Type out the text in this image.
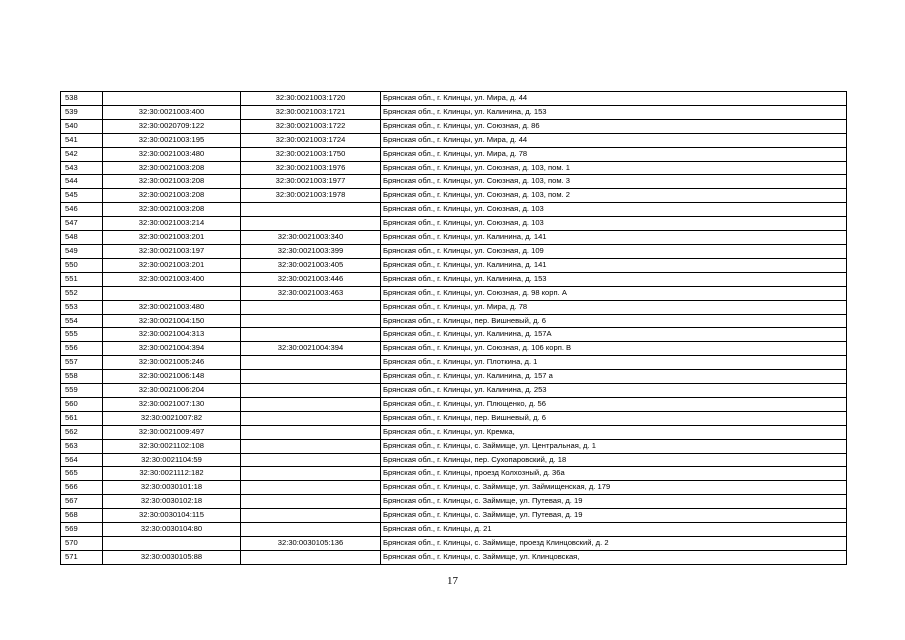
538		32:30:0021003:1720	Брянская обл., г. Клинцы, ул. Мира, д. 44
539	32:30:0021003:400	32:30:0021003:1721	Брянская обл., г. Клинцы, ул. Калинина, д. 153
540	32:30:0020709:122	32:30:0021003:1722	Брянская обл., г. Клинцы, ул. Союзная, д. 86
541	32:30:0021003:195	32:30:0021003:1724	Брянская обл., г. Клинцы, ул. Мира, д. 44
542	32:30:0021003:480	32:30:0021003:1750	Брянская обл., г. Клинцы, ул. Мира, д. 78
543	32:30:0021003:208	32:30:0021003:1976	Брянская обл., г. Клинцы, ул. Союзная, д. 103, пом. 1
544	32:30:0021003:208	32:30:0021003:1977	Брянская обл., г. Клинцы, ул. Союзная, д. 103, пом. 3
545	32:30:0021003:208	32:30:0021003:1978	Брянская обл., г. Клинцы, ул. Союзная, д. 103, пом. 2
546	32:30:0021003:208		Брянская обл., г. Клинцы, ул. Союзная, д. 103
547	32:30:0021003:214		Брянская обл., г. Клинцы, ул. Союзная, д. 103
548	32:30:0021003:201	32:30:0021003:340	Брянская обл., г. Клинцы, ул. Калинина, д. 141
549	32:30:0021003:197	32:30:0021003:399	Брянская обл., г. Клинцы, ул. Союзная, д. 109
550	32:30:0021003:201	32:30:0021003:405	Брянская обл., г. Клинцы, ул. Калинина, д. 141
551	32:30:0021003:400	32:30:0021003:446	Брянская обл., г. Клинцы, ул. Калинина, д. 153
552		32:30:0021003:463	Брянская обл., г. Клинцы, ул. Союзная, д. 98 корп. А
553	32:30:0021003:480		Брянская обл., г. Клинцы, ул. Мира, д. 78
554	32:30:0021004:150		Брянская обл., г. Клинцы, пер. Вишневый, д. 6
555	32:30:0021004:313		Брянская обл., г. Клинцы, ул. Калинина, д. 157А
556	32:30:0021004:394	32:30:0021004:394	Брянская обл., г. Клинцы, ул. Союзная, д. 106 корп. В
557	32:30:0021005:246		Брянская обл., г. Клинцы, ул. Плоткина, д. 1
558	32:30:0021006:148		Брянская обл., г. Клинцы, ул. Калинина, д. 157 а
559	32:30:0021006:204		Брянская обл., г. Клинцы, ул. Калинина, д. 253
560	32:30:0021007:130		Брянская обл., г. Клинцы, ул. Плющенко, д. 56
561	32:30:0021007:82		Брянская обл., г. Клинцы, пер. Вишневый, д. 6
562	32:30:0021009:497		Брянская обл., г. Клинцы, ул. Кремка,
563	32:30:0021102:108		Брянская обл., г. Клинцы, с. Займище, ул. Центральная, д. 1
564	32:30:0021104:59		Брянская обл., г. Клинцы, пер. Сухопаровский, д. 18
565	32:30:0021112:182		Брянская обл., г. Клинцы, проезд Колхозный, д. 36а
566	32:30:0030101:18		Брянская обл., г. Клинцы, с. Займище, ул. Займищенская, д. 179
567	32:30:0030102:18		Брянская обл., г. Клинцы, с. Займище, ул. Путевая, д. 19
568	32:30:0030104:115		Брянская обл., г. Клинцы, с. Займище, ул. Путевая, д. 19
569	32:30:0030104:80		Брянская обл., г. Клинцы, д. 21
570		32:30:0030105:136	Брянская обл., г. Клинцы, с. Займище, проезд Клинцовский, д. 2
571	32:30:0030105:88		Брянская обл., г. Клинцы, с. Займище, ул. Клинцовская,
17
